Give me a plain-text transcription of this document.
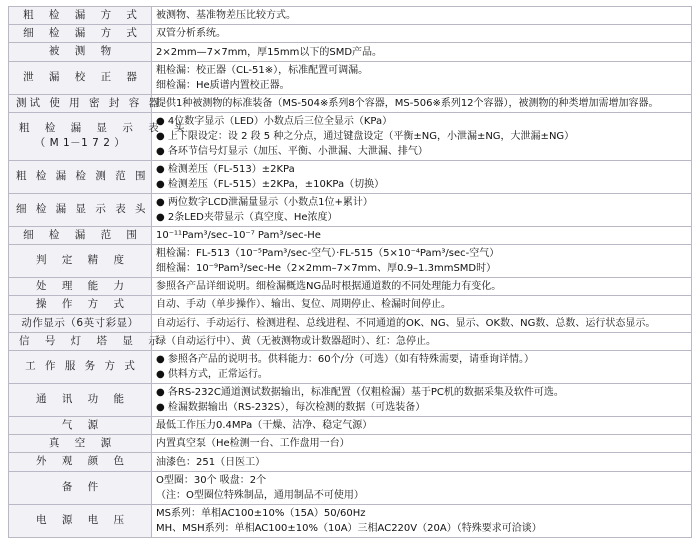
粗 检 漏 方 式	被测物、基准物差压比较方式。

细 检 漏 方 式	双管分析系统。

被 测 物	2×2mm—7×7mm，厚15mm以下的SMD产品。

泄 漏 校 正 器	粗检漏：校正器（CL-51※），标准配置可调漏。
细检漏：He质谱内置校正器。

测试 使 用 密 封 容 器	提供1种被测物的标准装备（MS-504※系列8个容器，MS-506※系列12个容器），被测物的种类增加需增加容器。

粗 检 漏 显 示 表 头
（ M 1－1 7 2 ）	● 4位数字显示（LED）小数点后三位全显示（KPa）
● 上下限设定：设 2 段 5 种之分点，通过键盘设定（平衡±NG，小泄漏±NG，大泄漏±NG）
● 各环节信号灯显示（加压、平衡、小泄漏、大泄漏、排气）

粗 检 漏 检 测 范 围	● 检测差压（FL-513）±2KPa
● 检测差压（FL-515）±2KPa，±10KPa（切换）

细 检 漏 显 示 表 头	● 两位数字LCD泄漏量显示（小数点1位+累计）
● 2条LED夹带显示（真空度、He浓度）

细 检 漏 范 围	10⁻¹¹Pam³/sec–10⁻⁷ Pam³/sec-He

判 定 精 度	粗检漏：FL-513（10⁻⁵Pam³/sec-空气）·FL-515（5×10⁻⁴Pam³/sec-空气）
细检漏：10⁻⁹Pam³/sec-He（2×2mm–7×7mm、厚0.9–1.3mmSMD时）

处 理 能 力	参照各产品详细说明。细检漏概选NG品时根据通道数的不同处理能力有变化。

操 作 方 式	自动、手动（单步操作）、输出、复位、周期停止、检漏时间停止。

动作显示（6英寸彩显）	自动运行、手动运行、检测进程、总线进程、不同通道的OK、NG、显示、OK数、NG数、总数、运行状态显示。

信 号 灯 塔 显 示	绿（自动运行中）、黄（无被测物或计数器超时）、红：急停止。

工 作 服 务 方 式	● 参照各产品的说明书。供料能力：60个/分（可选）（如有特殊需要，请垂询详情。）
● 供料方式，正常运行。

通 讯 功 能	● 各RS-232C通道测试数据输出，标准配置（仅粗检漏）基于PC机的数据采集及软件可选。
● 检漏数据输出（RS-232S），每次检测的数据（可选装备）

气 源	最低工作压力0.4MPa（干燥、洁净、稳定气源）

真 空 源	内置真空泵（He检测一台、工作盘用一台）

外 观 颜 色	油漆色：251（日医工）

备 件	O型圈：30个 吸盘：2个
（注：O型圈位特殊制品，通用制品不可使用）

电 源 电 压	MS系列：单相AC100±10%（15A）50/60Hz
MH、MSH系列：单相AC100±10%（10A）三相AC220V（20A）（特殊要求可洽谈）
